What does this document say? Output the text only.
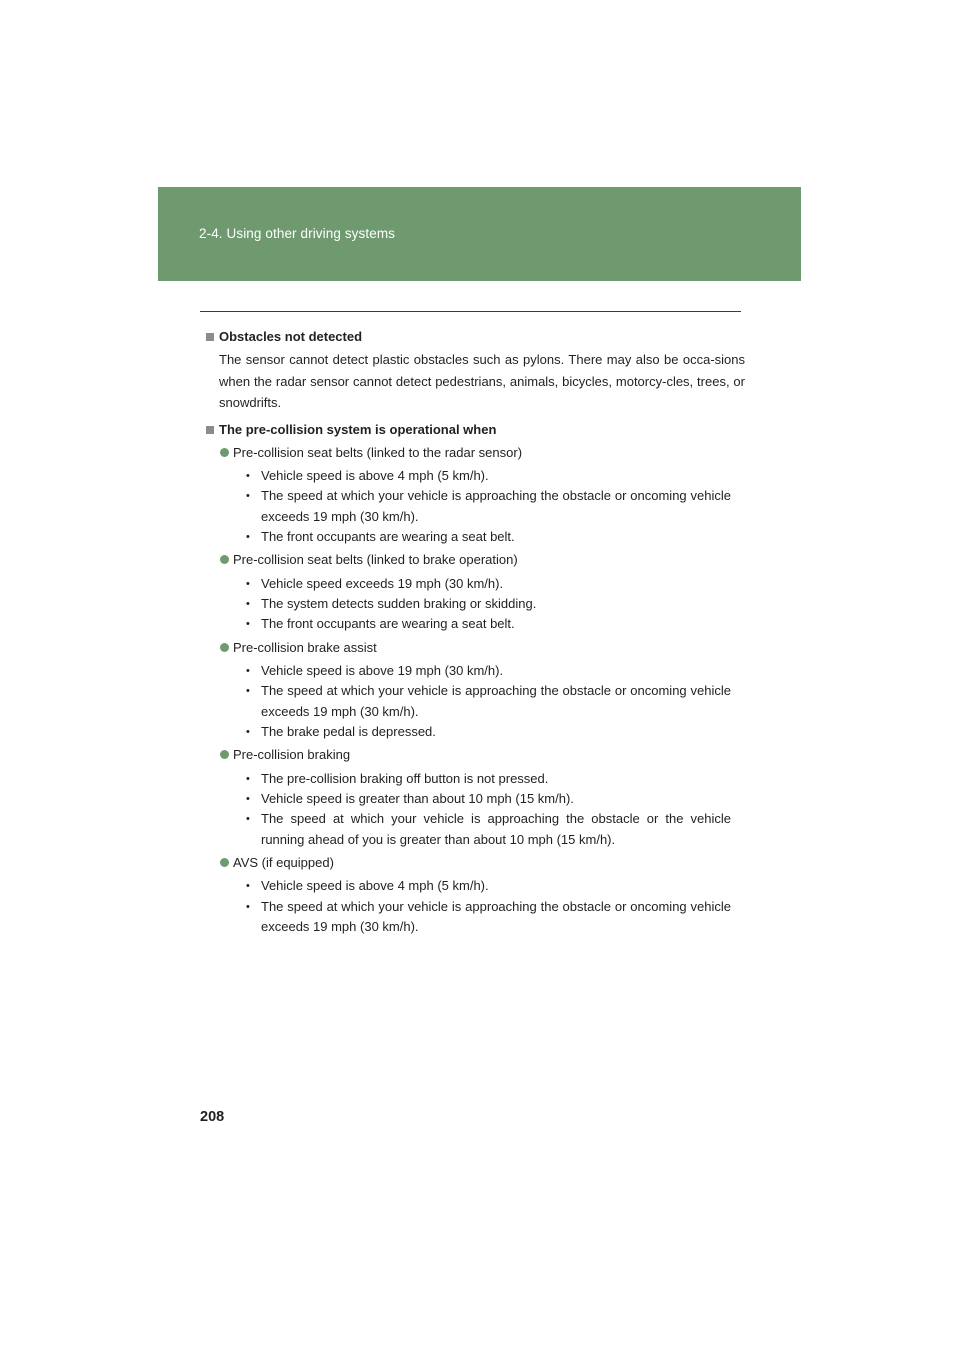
2-4. Using other driving systems
Obstacles not detected
The sensor cannot detect plastic obstacles such as pylons. There may also be occa-sions when the radar sensor cannot detect pedestrians, animals, bicycles, motorcy-cles, trees, or snowdrifts.
The pre-collision system is operational when
Pre-collision seat belts (linked to the radar sensor)
• Vehicle speed is above 4 mph (5 km/h).
• The speed at which your vehicle is approaching the obstacle or oncoming vehicle exceeds 19 mph (30 km/h).
• The front occupants are wearing a seat belt.
Pre-collision seat belts (linked to brake operation)
• Vehicle speed exceeds 19 mph (30 km/h).
• The system detects sudden braking or skidding.
• The front occupants are wearing a seat belt.
Pre-collision brake assist
• Vehicle speed is above 19 mph (30 km/h).
• The speed at which your vehicle is approaching the obstacle or oncoming vehicle exceeds 19 mph (30 km/h).
• The brake pedal is depressed.
Pre-collision braking
• The pre-collision braking off button is not pressed.
• Vehicle speed is greater than about 10 mph (15 km/h).
• The speed at which your vehicle is approaching the obstacle or the vehicle running ahead of you is greater than about 10 mph (15 km/h).
AVS (if equipped)
• Vehicle speed is above 4 mph (5 km/h).
• The speed at which your vehicle is approaching the obstacle or oncoming vehicle exceeds 19 mph (30 km/h).
208
